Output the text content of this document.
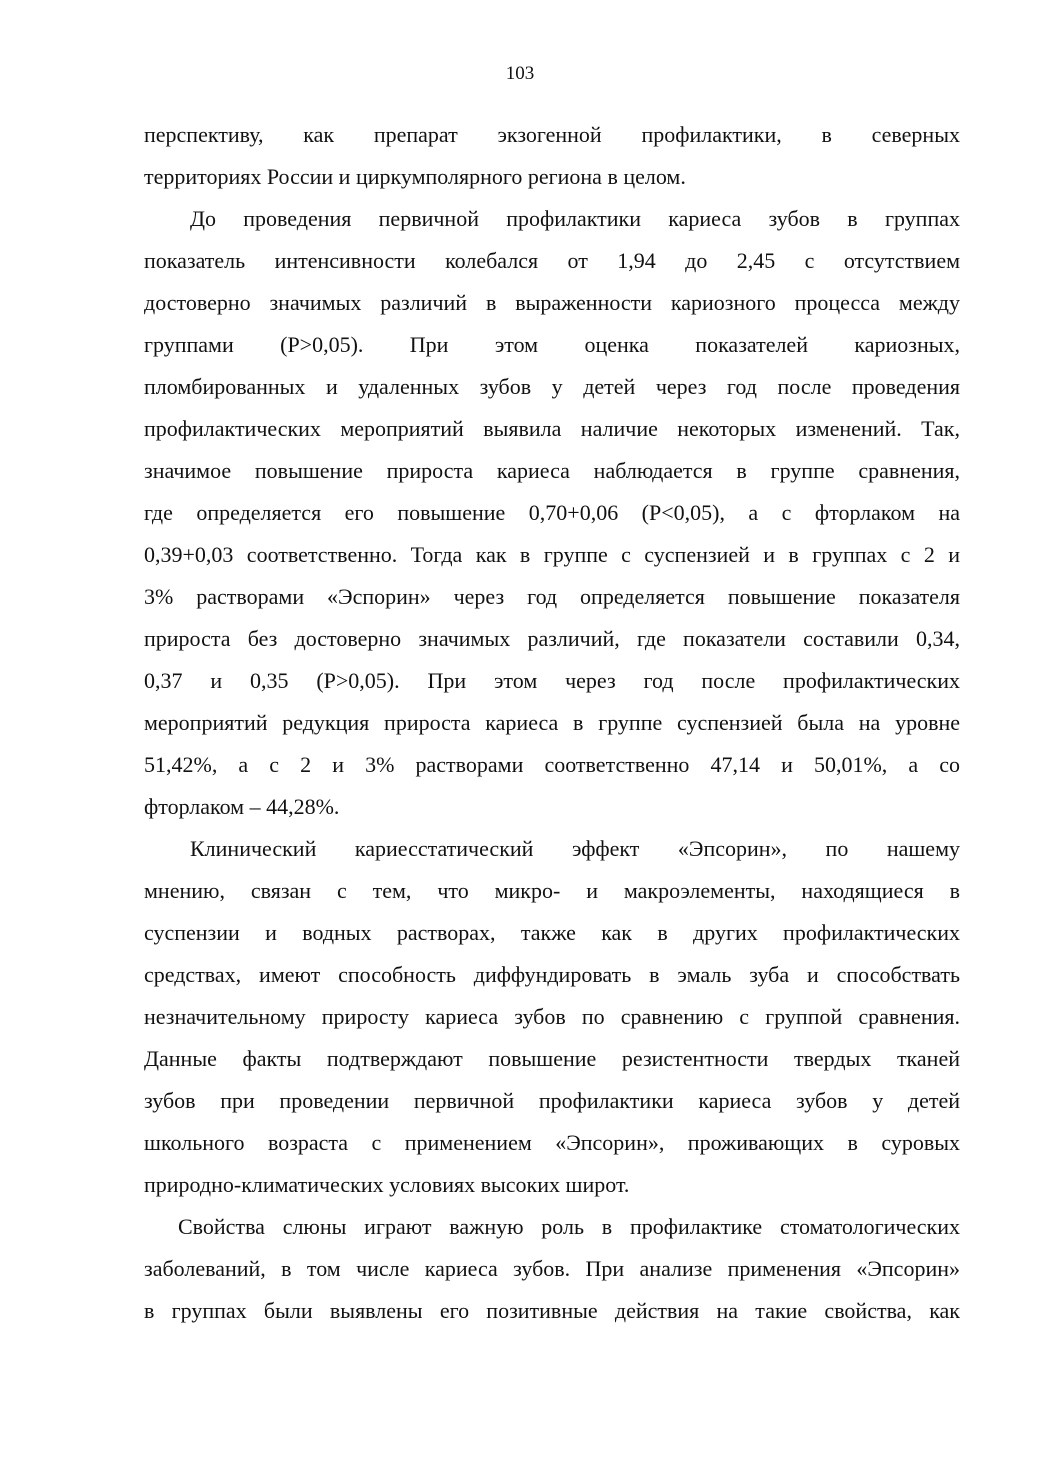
103
перспективу, как препарат экзогенной профилактики, в северных
территориях России и циркумполярного региона в целом.
До проведения первичной профилактики кариеса зубов в группах
показатель интенсивности колебался от 1,94 до 2,45 с отсутствием
достоверно значимых различий в выраженности кариозного процесса между
группами (Р>0,05). При этом оценка показателей кариозных,
пломбированных и удаленных зубов у детей через год после проведения
профилактических мероприятий выявила наличие некоторых изменений. Так,
значимое повышение прироста кариеса наблюдается в группе сравнения,
где определяется его повышение 0,70+0,06 (Р<0,05), а с фторлаком на
0,39+0,03 соответственно. Тогда как в группе с суспензией и в группах с 2 и
3% растворами «Эспорин» через год определяется повышение показателя
прироста без достоверно значимых различий, где показатели составили 0,34,
0,37 и 0,35 (Р>0,05). При этом через год после профилактических
мероприятий редукция прироста кариеса в группе суспензией была на уровне
51,42%, а с 2 и 3% растворами соответственно 47,14 и 50,01%, а со
фторлаком – 44,28%.
Клинический кариесстатический эффект «Эпсорин», по нашему
мнению, связан с тем, что микро- и макроэлементы, находящиеся в
суспензии и водных растворах, также как в других профилактических
средствах, имеют способность диффундировать в эмаль зуба и способствать
незначительному приросту кариеса зубов по сравнению с группой сравнения.
Данные факты подтверждают повышение резистентности твердых тканей
зубов при проведении первичной профилактики кариеса зубов у детей
школьного возраста с применением «Эпсорин», проживающих в суровых
природно-климатических условиях высоких широт.
Свойства слюны играют важную роль в профилактике стоматологических
заболеваний, в том числе кариеса зубов. При анализе применения «Эпсорин»
в группах были выявлены его позитивные действия на такие свойства, как
